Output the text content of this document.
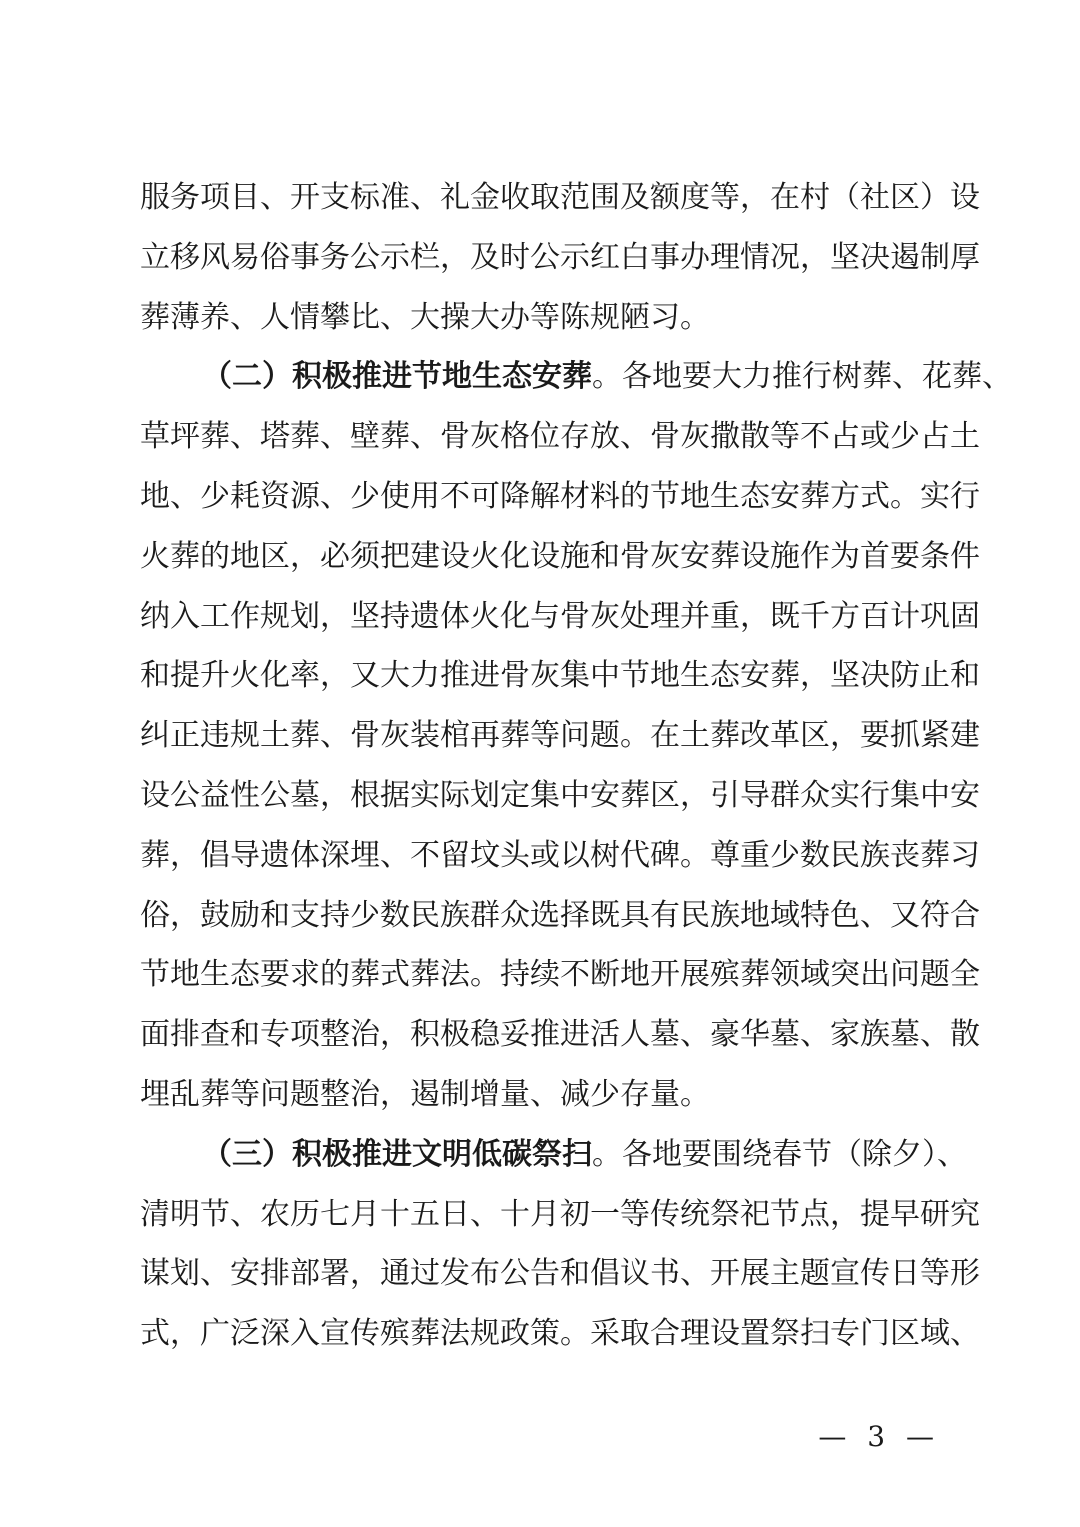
服务项目、开支标准、礼金收取范围及额度等，在村（社区）设
立移风易俗事务公示栏，及时公示红白事办理情况，坚决遏制厚
葬薄养、人情攀比、大操大办等陈规陋习。
（二）积极推进节地生态安葬。各地要大力推行树葬、花葬、
草坪葬、塔葬、壁葬、骨灰格位存放、骨灰撒散等不占或少占土
地、少耗资源、少使用不可降解材料的节地生态安葬方式。实行
火葬的地区，必须把建设火化设施和骨灰安葬设施作为首要条件
纳入工作规划，坚持遗体火化与骨灰处理并重，既千方百计巩固
和提升火化率，又大力推进骨灰集中节地生态安葬，坚决防止和
纠正违规土葬、骨灰装棺再葬等问题。在土葬改革区，要抓紧建
设公益性公墓，根据实际划定集中安葬区，引导群众实行集中安
葬，倡导遗体深埋、不留坟头或以树代碑。尊重少数民族丧葬习
俗，鼓励和支持少数民族群众选择既具有民族地域特色、又符合
节地生态要求的葬式葬法。持续不断地开展殡葬领域突出问题全
面排查和专项整治，积极稳妥推进活人墓、豪华墓、家族墓、散
埋乱葬等问题整治，遏制增量、减少存量。
（三）积极推进文明低碳祭扫。各地要围绕春节（除夕）、
清明节、农历七月十五日、十月初一等传统祭祀节点，提早研究
谋划、安排部署，通过发布公告和倡议书、开展主题宣传日等形
式，广泛深入宣传殡葬法规政策。采取合理设置祭扫专门区域、
— 3 —
